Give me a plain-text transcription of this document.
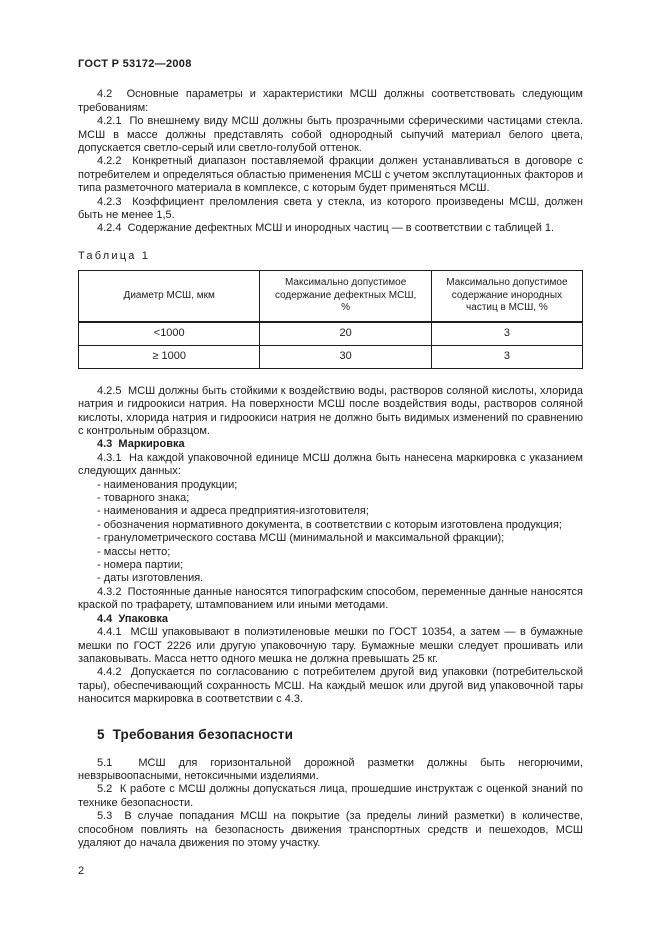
ГОСТ Р 53172—2008

4.2  Основные параметры и характеристики МСШ должны соответствовать следующим требованиям:

4.2.1  По внешнему виду МСШ должны быть прозрачными сферическими частицами стекла. МСШ в массе должны представлять собой однородный сыпучий материал белого цвета, допускается светло-серый или светло-голубой оттенок.

4.2.2  Конкретный диапазон поставляемой фракции должен устанавливаться в договоре с потребителем и определяться областью применения МСШ с учетом эксплутационных факторов и типа разметочного материала в комплексе, с которым будет применяться МСШ.

4.2.3  Коэффициент преломления света у стекла, из которого произведены МСШ, должен быть не менее 1,5.

4.2.4  Содержание дефектных МСШ и инородных частиц — в соответствии с таблицей 1.

Таблица 1
Диаметр МСШ, мкм	Максимально допустимое содержание дефектных МСШ, %	Максимально допустимое содержание инородных частиц в МСШ, %
<1000	20	3
≥ 1000	30	3

4.2.5  МСШ должны быть стойкими к воздействию воды, растворов соляной кислоты, хлорида натрия и гидроокиси натрия. На поверхности МСШ после воздействия воды, растворов соляной кислоты, хлорида натрия и гидроокиси натрия не должно быть видимых изменений по сравнению с контрольным образцом.

4.3  Маркировка

4.3.1  На каждой упаковочной единице МСШ должна быть нанесена маркировка с указанием следующих данных:

- наименования продукции;

- товарного знака;

- наименования и адреса предприятия-изготовителя;

- обозначения нормативного документа, в соответствии с которым изготовлена продукция;

- гранулометрического состава МСШ (минимальной и максимальной фракции);

- массы нетто;

- номера партии;

- даты изготовления.

4.3.2  Постоянные данные наносятся типографским способом, переменные данные наносятся краской по трафарету, штампованием или иными методами.

4.4  Упаковка

4.4.1  МСШ упаковывают в полиэтиленовые мешки по ГОСТ 10354, а затем — в бумажные мешки по ГОСТ 2226 или другую упаковочную тару. Бумажные мешки следует прошивать или запаковывать. Масса нетто одного мешка не должна превышать 25 кг.

4.4.2  Допускается по согласованию с потребителем другой вид упаковки (потребительской тары), обеспечивающий сохранность МСШ. На каждый мешок или другой вид упаковочной тары наносится маркировка в соответствии с 4.3.

5  Требования безопасности

5.1  МСШ для горизонтальной дорожной разметки должны быть негорючими, невзрывоопасными, нетоксичными изделиями.

5.2  К работе с МСШ должны допускаться лица, прошедшие инструктаж с оценкой знаний по технике безопасности.

5.3  В случае попадания МСШ на покрытие (за пределы линий разметки) в количестве, способном повлиять на безопасность движения транспортных средств и пешеходов, МСШ удаляют до начала движения по этому участку.

2
